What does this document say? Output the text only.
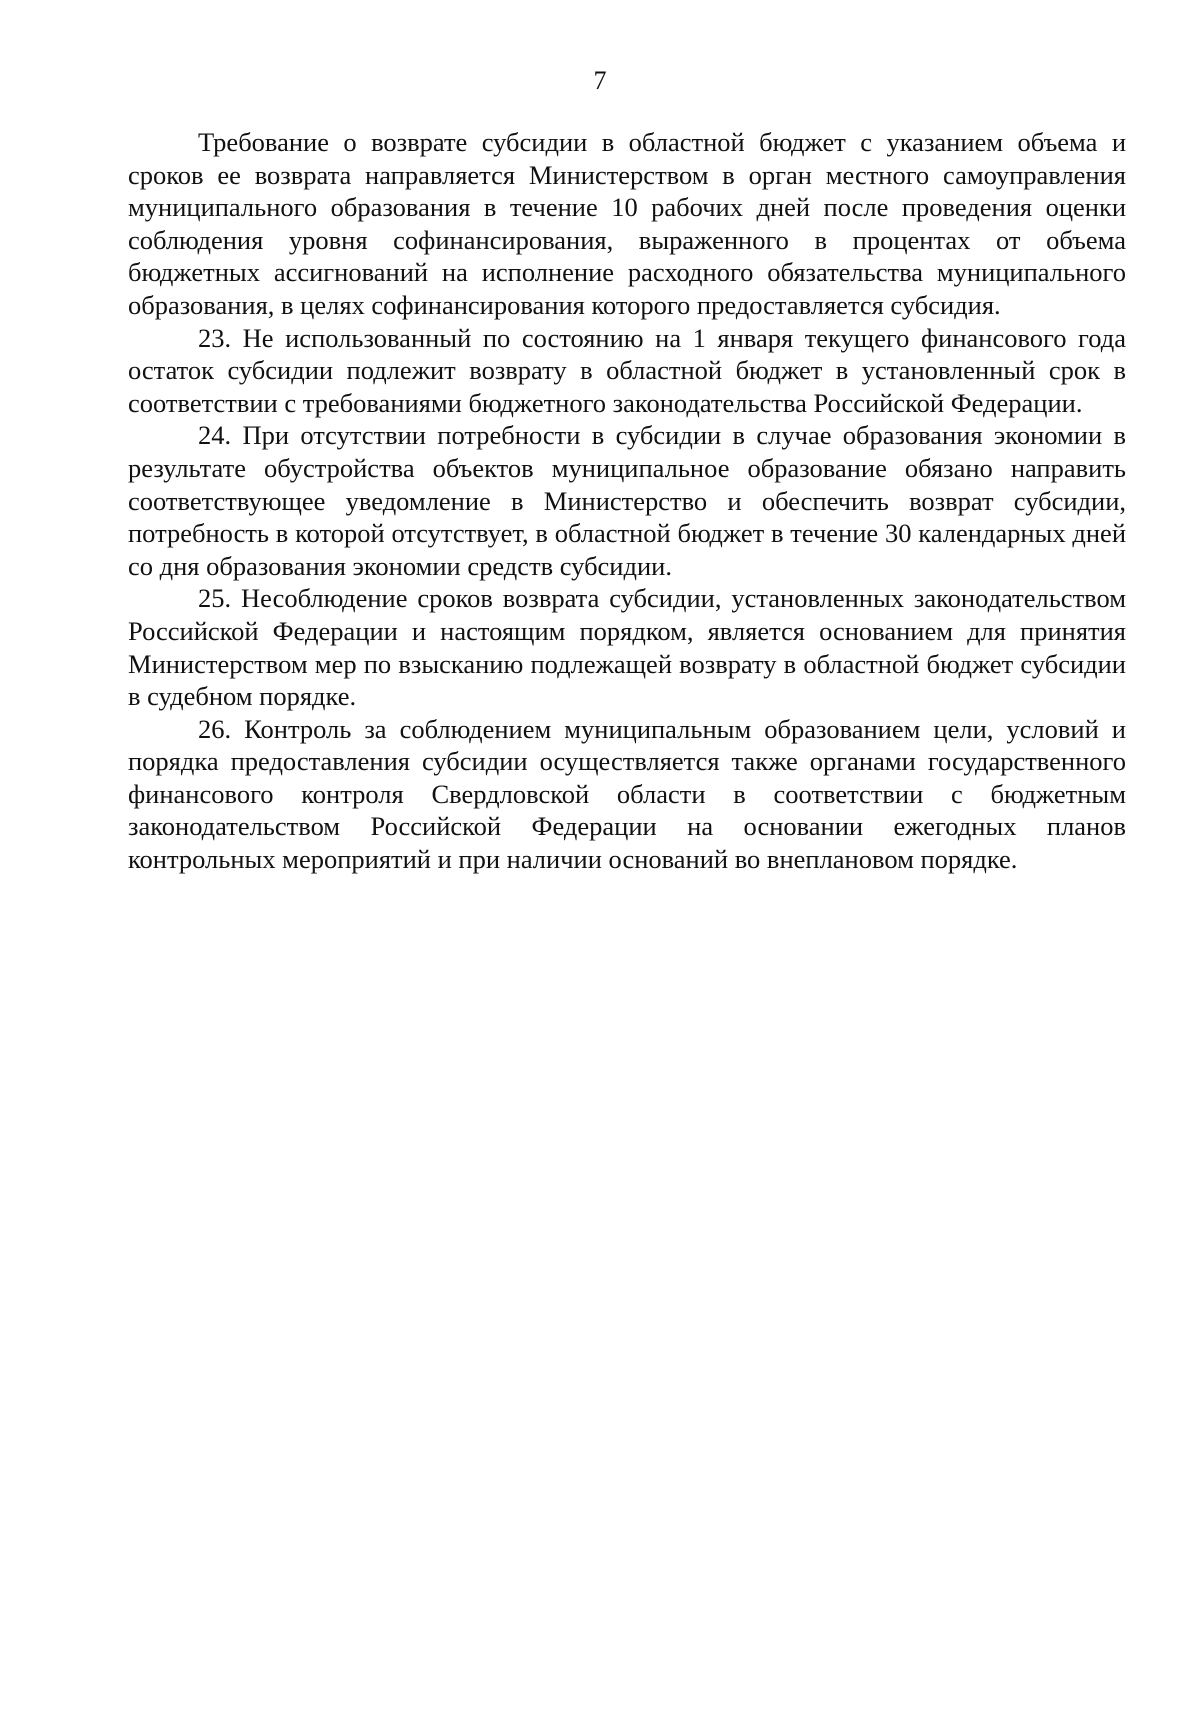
7

Требование о возврате субсидии в областной бюджет с указанием объема и сроков ее возврата направляется Министерством в орган местного самоуправления муниципального образования в течение 10 рабочих дней после проведения оценки соблюдения уровня софинансирования, выраженного в процентах от объема бюджетных ассигнований на исполнение расходного обязательства муниципального образования, в целях софинансирования которого предоставляется субсидия.

23. Не использованный по состоянию на 1 января текущего финансового года остаток субсидии подлежит возврату в областной бюджет в установленный срок в соответствии с требованиями бюджетного законодательства Российской Федерации.

24. При отсутствии потребности в субсидии в случае образования экономии в результате обустройства объектов муниципальное образование обязано направить соответствующее уведомление в Министерство и обеспечить возврат субсидии, потребность в которой отсутствует, в областной бюджет в течение 30 календарных дней со дня образования экономии средств субсидии.

25. Несоблюдение сроков возврата субсидии, установленных законодательством Российской Федерации и настоящим порядком, является основанием для принятия Министерством мер по взысканию подлежащей возврату в областной бюджет субсидии в судебном порядке.

26. Контроль за соблюдением муниципальным образованием цели, условий и порядка предоставления субсидии осуществляется также органами государственного финансового контроля Свердловской области в соответствии с бюджетным законодательством Российской Федерации на основании ежегодных планов контрольных мероприятий и при наличии оснований во внеплановом порядке.
